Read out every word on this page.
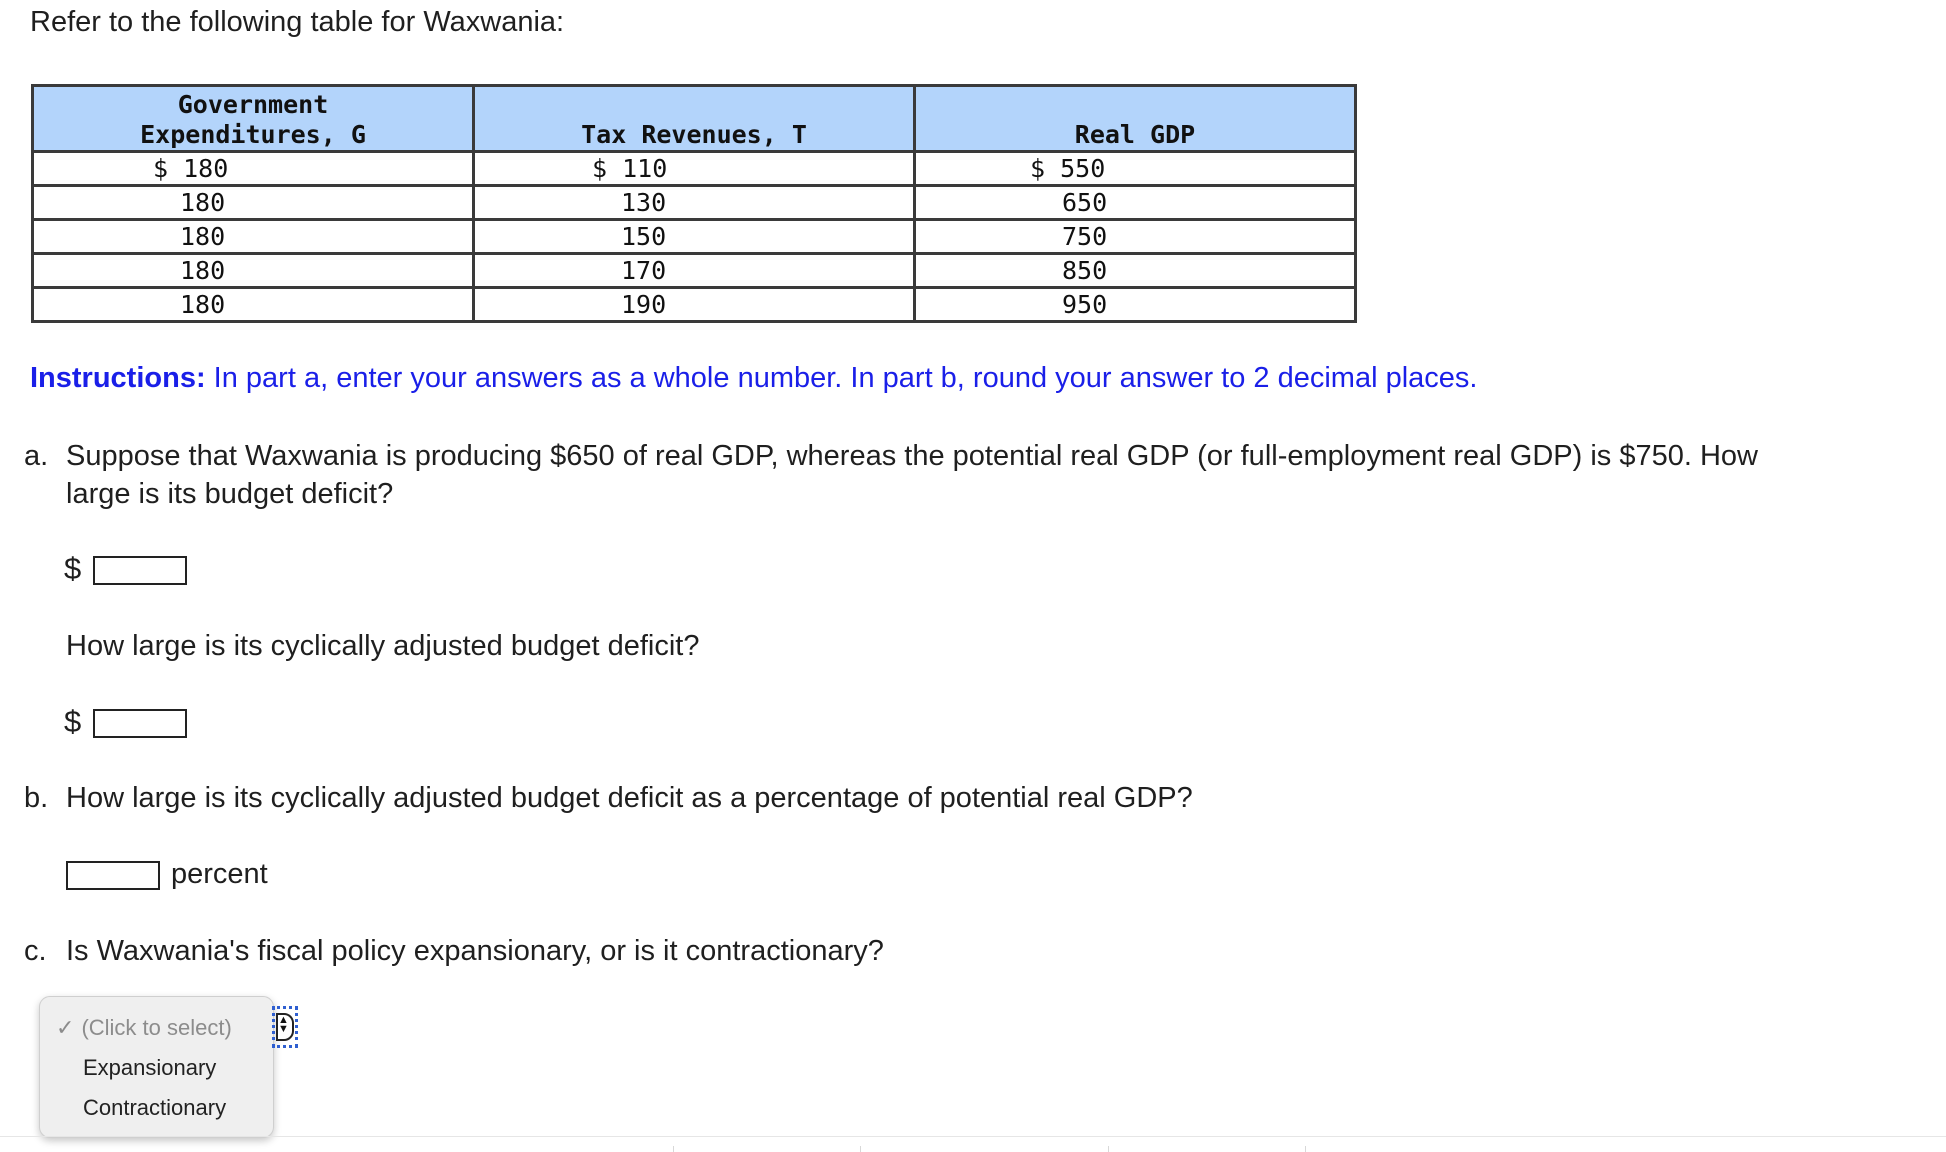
Refer to the following table for Waxwania:
Government
Expenditures, G	Tax Revenues, T	Real GDP
$ 180	$ 110	$ 550
180	130	650
180	150	750
180	170	850
180	190	950
Instructions: In part a, enter your answers as a whole number. In part b, round your answer to 2 decimal places.
a. Suppose that Waxwania is producing $650 of real GDP, whereas the potential real GDP (or full-employment real GDP) is $750. How
large is its budget deficit?
$
How large is its cyclically adjusted budget deficit?
$
b. How large is its cyclically adjusted budget deficit as a percentage of potential real GDP?
percent
c. Is Waxwania's fiscal policy expansionary, or is it contractionary?
✓ (Click to select)
Expansionary
Contractionary
▲
▼
